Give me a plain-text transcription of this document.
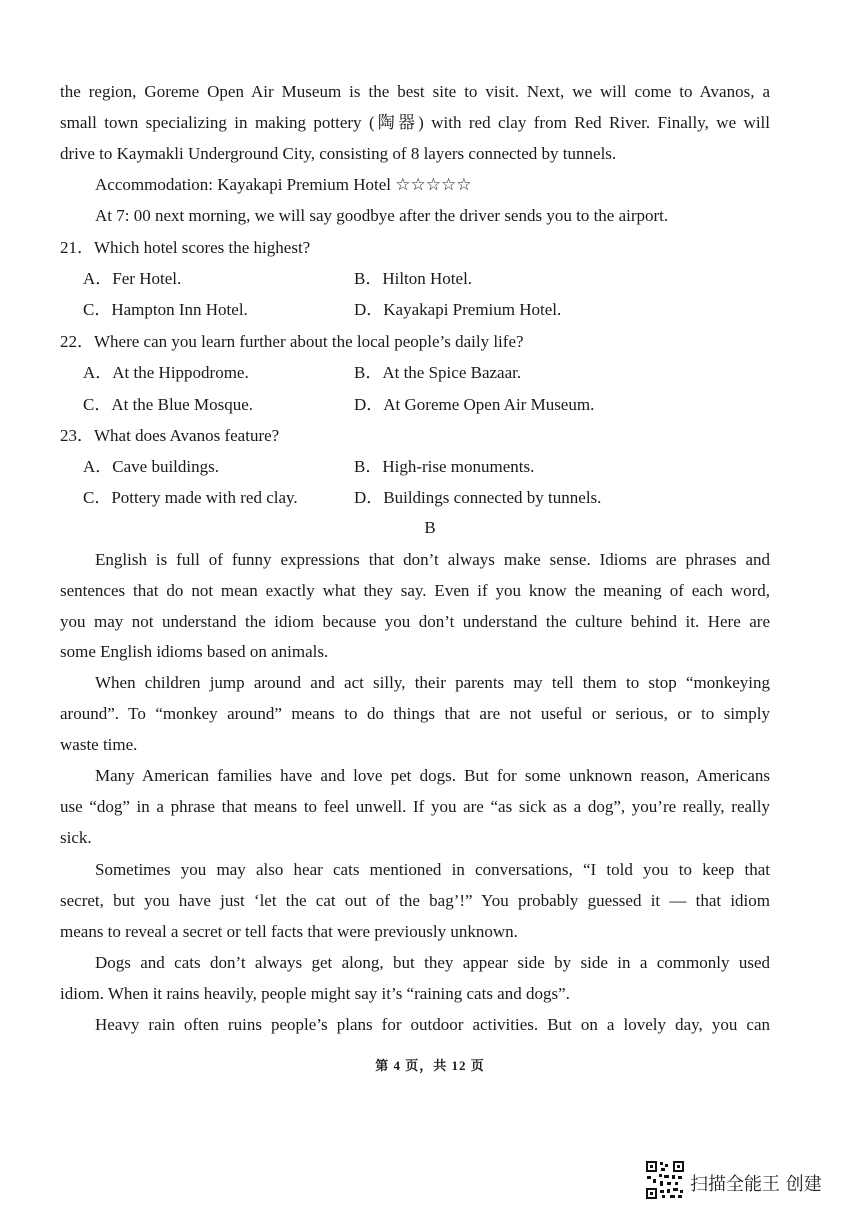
the region, Goreme Open Air Museum is the best site to visit. Next, we will come to Avanos, a
small town specializing in making pottery (陶器) with red clay from Red River. Finally, we will
drive to Kaymakli Underground City, consisting of 8 layers connected by tunnels.
Accommodation: Kayakapi Premium Hotel ☆☆☆☆☆
At 7: 00 next morning, we will say goodbye after the driver sends you to the airport.
21．Which hotel scores the highest?
A．Fer Hotel.	B．Hilton Hotel.
C．Hampton Inn Hotel.	D．Kayakapi Premium Hotel.
22．Where can you learn further about the local people’s daily life?
A．At the Hippodrome.	B．At the Spice Bazaar.
C．At the Blue Mosque.	D．At Goreme Open Air Museum.
23．What does Avanos feature?
A．Cave buildings.	B．High-rise monuments.
C．Pottery made with red clay.	D．Buildings connected by tunnels.
B
English is full of funny expressions that don’t always make sense. Idioms are phrases and
sentences that do not mean exactly what they say. Even if you know the meaning of each word,
you may not understand the idiom because you don’t understand the culture behind it. Here are
some English idioms based on animals.
When children jump around and act silly, their parents may tell them to stop “monkeying
around”. To “monkey around” means to do things that are not useful or serious, or to simply
waste time.
Many American families have and love pet dogs. But for some unknown reason, Americans
use “dog” in a phrase that means to feel unwell. If you are “as sick as a dog”, you’re really, really
sick.
Sometimes you may also hear cats mentioned in conversations, “I told you to keep that
secret, but you have just ‘let the cat out of the bag’!” You probably guessed it — that idiom
means to reveal a secret or tell facts that were previously unknown.
Dogs and cats don’t always get along, but they appear side by side in a commonly used
idiom. When it rains heavily, people might say it’s “raining cats and dogs”.
Heavy rain often ruins people’s plans for outdoor activities. But on a lovely day, you can
第 4 页，共 12 页
扫描全能王 创建
